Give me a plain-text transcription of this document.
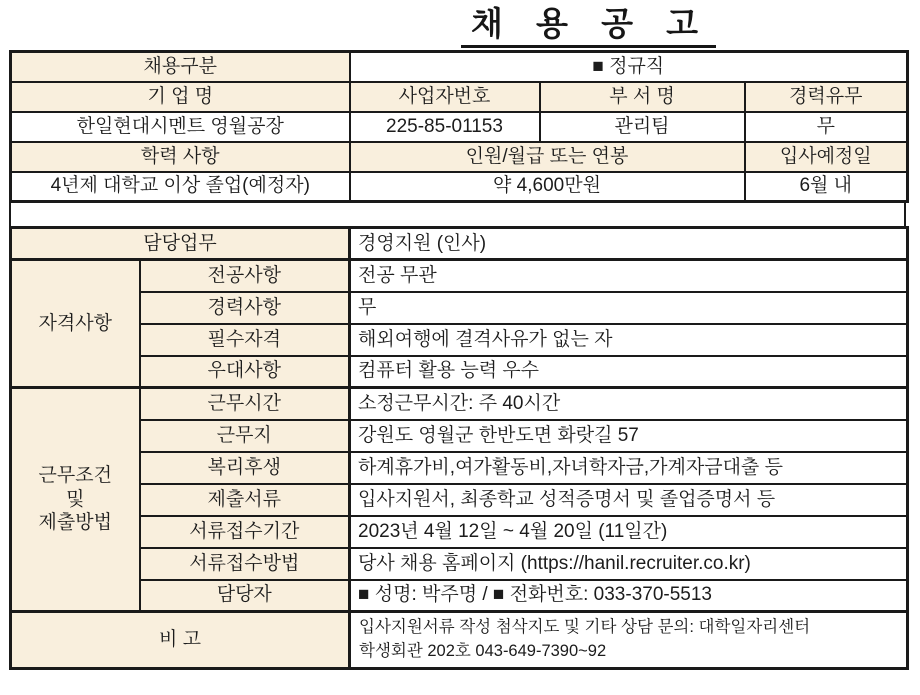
채 용 공 고
채용구분	■ 정규직		
기 업 명	사업자번호	부 서 명	경력유무
한일현대시멘트 영월공장	225-85-01153	관리팀	무
학력 사항	인원/월급 또는 연봉		입사예정일
4년제 대학교 이상 졸업(예정자)	약 4,600만원		6월 내
담당업무		경영지원 (인사)
자격사항	전공사항	전공 무관
	경력사항	무
	필수자격	해외여행에 결격사유가 없는 자
	우대사항	컴퓨터 활용 능력 우수
근무조건
및
제출방법	근무시간	소정근무시간: 주 40시간
	근무지	강원도 영월군 한반도면 화랏길 57
	복리후생	하계휴가비,여가활동비,자녀학자금,가계자금대출 등
	제출서류	입사지원서, 최종학교 성적증명서 및 졸업증명서 등
	서류접수기간	2023년 4월 12일 ~ 4월 20일 (11일간)
	서류접수방법	당사 채용 홈페이지 (https://hanil.recruiter.co.kr)
	담당자	■ 성명: 박주명 / ■ 전화번호: 033-370-5513
비 고		입사지원서류 작성 첨삭지도 및 기타 상담 문의: 대학일자리센터
학생회관 202호 043-649-7390~92
